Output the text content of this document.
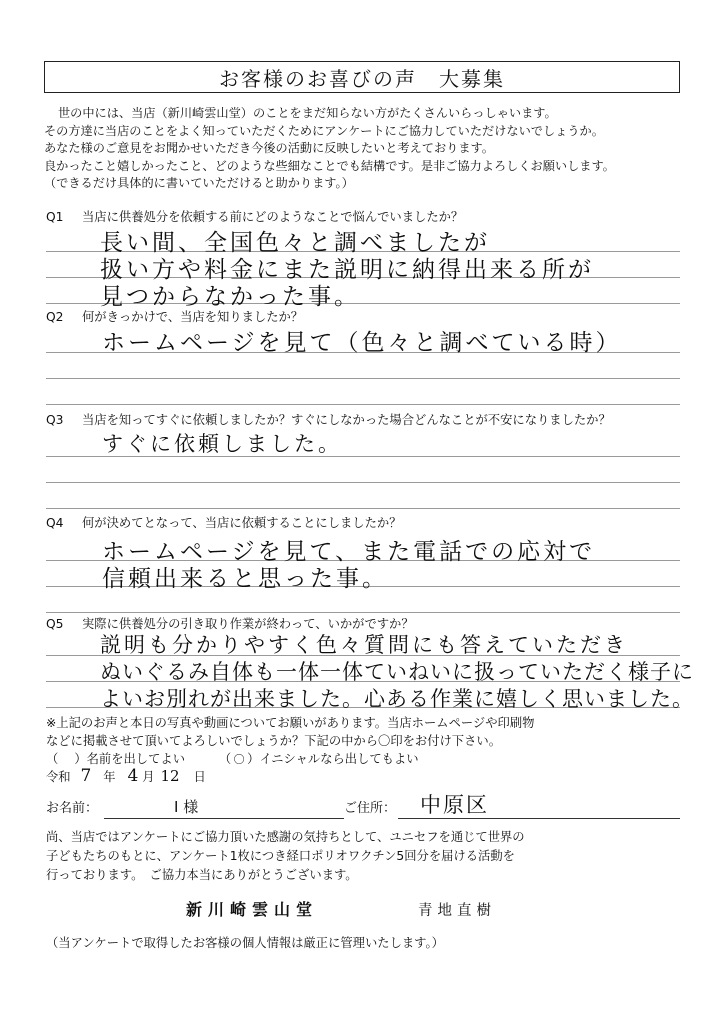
お客様のお喜びの声　大募集
世の中には、当店（新川崎雲山堂）のことをまだ知らない方がたくさんいらっしゃいます。
その方達に当店のことをよく知っていただくためにアンケートにご協力していただけないでしょうか。
あなた様のご意見をお聞かせいただき今後の活動に反映したいと考えております。
良かったこと嬉しかったこと、どのような些細なことでも結構です。是非ご協力よろしくお願いします。
（できるだけ具体的に書いていただけると助かります。）
Q1 当店に供養処分を依頼する前にどのようなことで悩んでいましたか？
長い間、全国色々と調べましたが
扱い方や料金にまた説明に納得出来る所が
見つからなかった事。
Q2 何がきっかけで、当店を知りましたか？
ホームページを見て（色々と調べている時）
Q3 当店を知ってすぐに依頼しましたか？すぐにしなかった場合どんなことが不安になりましたか？
すぐに依頼しました。
Q4 何が決めてとなって、当店に依頼することにしましたか？
ホームページを見て、また電話での応対で
信頼出来ると思った事。
Q5 実際に供養処分の引き取り作業が終わって、いかがですか？
説明も分かりやすく色々質問にも答えていただき
ぬいぐるみ自体も一体一体ていねいに扱っていただく様子に
よいお別れが出来ました。心ある作業に嬉しく思いました。
※上記のお声と本日の写真や動画についてお願いがあります。当店ホームページや印刷物
などに掲載させて頂いてよろしいでしょうか？下記の中から〇印をお付け下さい。
（ ）名前を出してよい	（ 〇 ）イニシャルなら出してもよい
令和 7 年 4 月 12 日
お名前：	I 様	ご住所： 中原区
尚、当店ではアンケートにご協力頂いた感謝の気持ちとして、ユニセフを通じて世界の
子どもたちのもとに、アンケート1枚につき経口ポリオワクチン5回分を届ける活動を
行っております。　ご協力本当にありがとうございます。
新川崎雲山堂	青地直樹
（当アンケートで取得したお客様の個人情報は厳正に管理いたします。）
